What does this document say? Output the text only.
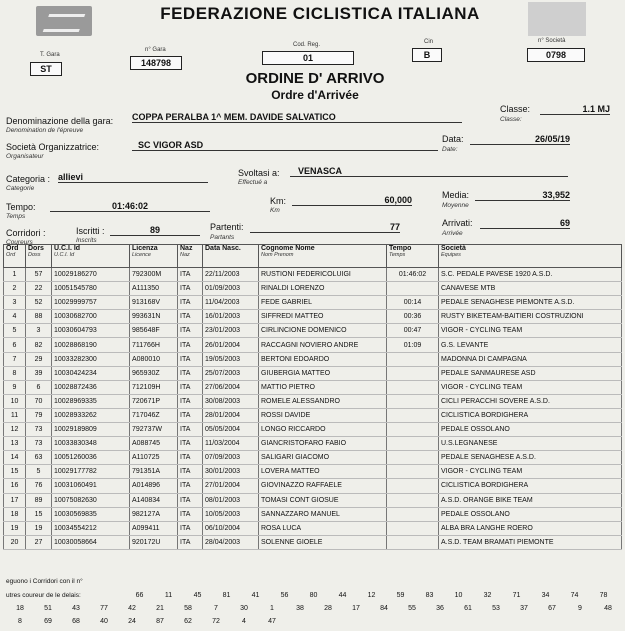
FEDERAZIONE CICLISTICA ITALIANA
T. Gara
ST
n° Gara
148798
Cod. Reg.
01
Cin
B
n° Società
0798
ORDINE D' ARRIVO
Ordre d'Arrivée
Denominazione della gara:
Denomination de l'épreuve
COPPA PERALBA 1^ MEM. DAVIDE SALVATICO
Classe:
Classe:
1.1 MJ
Società Organizzatrice:
Organisateur
SC VIGOR ASD
Data:
Date:
26/05/19
Categoria :
Categorie
allievi	Svoltasi a:
Effectué a
VENASCA
Tempo:
Temps
01:46:02	Km:
Km
60,000	Media:
Moyenne
33,952
Corridori :
Coureurs
Iscritti :
Inscrits
89	Partenti:
Partants
77	Arrivati:
Arrivée
69
Ord
Ord	Dors
Doss	U.C.I. Id
U.C.I. Id	Licenza
Licence	Naz
Naz	Data Nasc.	Cognome Nome
Nom Prenom	Tempo
Temps	Società
Equipes

1	57	10029186270	792300M	ITA	22/11/2003	RUSTIONI FEDERICOLUIGI	01:46:02	S.C. PEDALE PAVESE 1920 A.S.D.
2	22	10051545780	A111350	ITA	01/09/2003	RINALDI LORENZO		CANAVESE MTB
3	52	10029999757	913168V	ITA	11/04/2003	FEDE GABRIEL	00:14	PEDALE SENAGHESE PIEMONTE A.S.D.
4	88	10030682700	993631N	ITA	16/01/2003	SIFFREDI MATTEO	00:36	RUSTY BIKETEAM-BAITIERI COSTRUZIONI
5	3	10030604793	985648F	ITA	23/01/2003	CIRLINCIONE DOMENICO	00:47	VIGOR - CYCLING TEAM
6	82	10028868190	711766H	ITA	26/01/2004	RACCAGNI NOVIERO ANDRE	01:09	G.S. LEVANTE
7	29	10033282300	A080010	ITA	19/05/2003	BERTONI EDOARDO		MADONNA DI CAMPAGNA
8	39	10030424234	965930Z	ITA	25/07/2003	GIUBERGIA MATTEO		PEDALE SANMAURESE ASD
9	6	10028872436	712109H	ITA	27/06/2004	MATTIO PIETRO		VIGOR - CYCLING TEAM
10	70	10028969335	720671P	ITA	30/08/2003	ROMELE ALESSANDRO		CICLI PERACCHI SOVERE A.S.D.
11	79	10028933262	717046Z	ITA	28/01/2004	ROSSI DAVIDE		CICLISTICA BORDIGHERA
12	73	10029189809	792737W	ITA	05/05/2004	LONGO RICCARDO		PEDALE OSSOLANO
13	73	10033830348	A088745	ITA	11/03/2004	GIANCRISTOFARO FABIO		U.S.LEGNANESE
14	63	10051260036	A110725	ITA	07/09/2003	SALIGARI GIACOMO		PEDALE SENAGHESE A.S.D.
15	5	10029177782	791351A	ITA	30/01/2003	LOVERA MATTEO		VIGOR - CYCLING TEAM
16	76	10031060491	A014896	ITA	27/01/2004	GIOVINAZZO RAFFAELE		CICLISTICA BORDIGHERA
17	89	10075082630	A140834	ITA	08/01/2003	TOMASI CONT GIOSUE		A.S.D. ORANGE BIKE TEAM
18	15	10030569835	982127A	ITA	10/05/2003	SANNAZZARO MANUEL		PEDALE OSSOLANO
19	19	10034554212	A099411	ITA	06/10/2004	ROSA LUCA		ALBA BRA LANGHE ROERO
20	27	10030058664	920172U	ITA	28/04/2003	SOLENNE GIOELE		A.S.D. TEAM BRAMATI PIEMONTE
eguono i Corridori con il n°
utres coureur de le delais:	66	11	45	81	41	56	80	44	12	59	83	10	32	71	34	74	78
18	51	43	77	42	21	58	7	30	1	38	28	17	84	55	36	61	53	37	67	9	48
8	69	68	40	24	87	62	72	4	47
